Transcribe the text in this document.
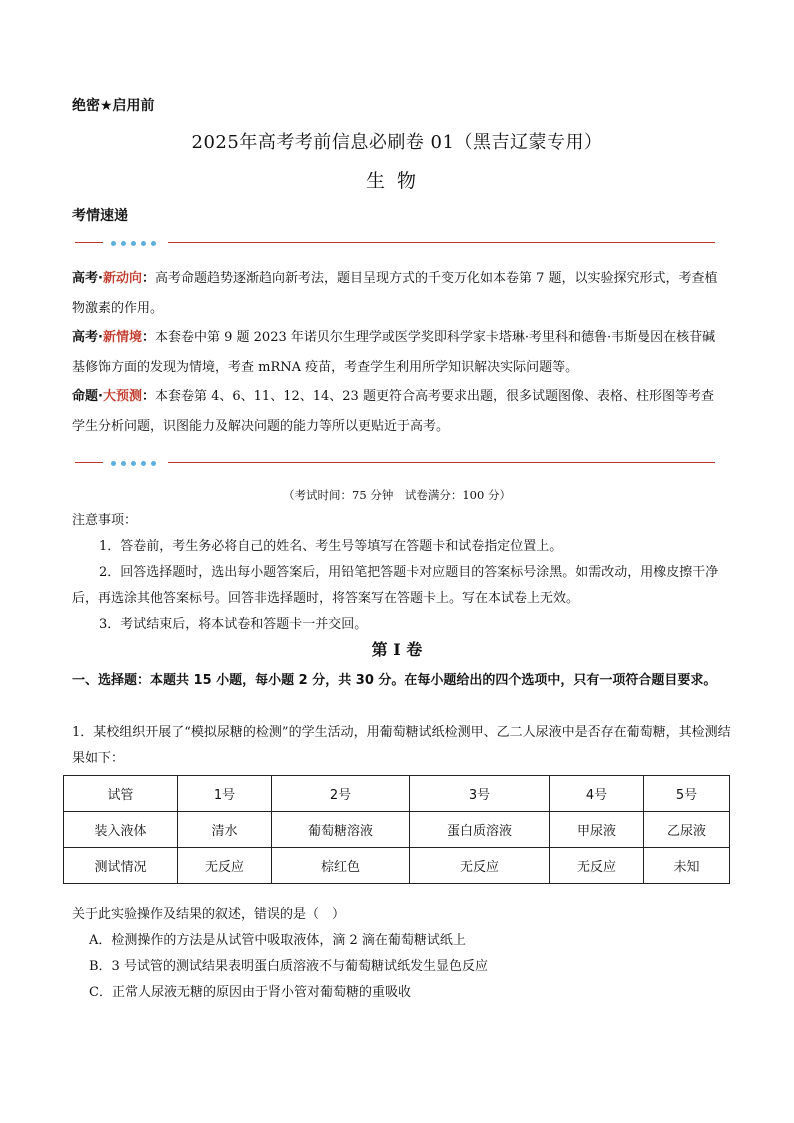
绝密★启用前
2025年高考考前信息必刷卷 01（黑吉辽蒙专用）
生物
考情速递
高考·新动向：高考命题趋势逐渐趋向新考法，题目呈现方式的千变万化如本卷第 7 题，以实验探究形式，考查植物激素的作用。
高考·新情境：本套卷中第 9 题 2023 年诺贝尔生理学或医学奖即科学家卡塔琳·考里科和德鲁·韦斯曼因在核苷碱基修饰方面的发现为情境，考查 mRNA 疫苗，考查学生利用所学知识解决实际问题等。
命题·大预测：本套卷第 4、6、11、12、14、23 题更符合高考要求出题，很多试题图像、表格、柱形图等考查学生分析问题，识图能力及解决问题的能力等所以更贴近于高考。
（考试时间：75 分钟　试卷满分：100 分）
注意事项：
1．答卷前，考生务必将自己的姓名、考生号等填写在答题卡和试卷指定位置上。
2．回答选择题时，选出每小题答案后，用铅笔把答题卡对应题目的答案标号涂黑。如需改动，用橡皮擦干净后，再选涂其他答案标号。回答非选择题时，将答案写在答题卡上。写在本试卷上无效。
3．考试结束后，将本试卷和答题卡一并交回。
第 I 卷
一、选择题：本题共 15 小题，每小题 2 分，共 30 分。在每小题给出的四个选项中，只有一项符合题目要求。
1．某校组织开展了“模拟尿糖的检测”的学生活动，用葡萄糖试纸检测甲、乙二人尿液中是否存在葡萄糖，其检测结果如下：
试管	1号	2号	3号	4号	5号
装入液体	清水	葡萄糖溶液	蛋白质溶液	甲尿液	乙尿液
测试情况	无反应	棕红色	无反应	无反应	未知
关于此实验操作及结果的叙述，错误的是（　）
A．检测操作的方法是从试管中吸取液体，滴 2 滴在葡萄糖试纸上
B．3 号试管的测试结果表明蛋白质溶液不与葡萄糖试纸发生显色反应
C．正常人尿液无糖的原因由于肾小管对葡萄糖的重吸收
